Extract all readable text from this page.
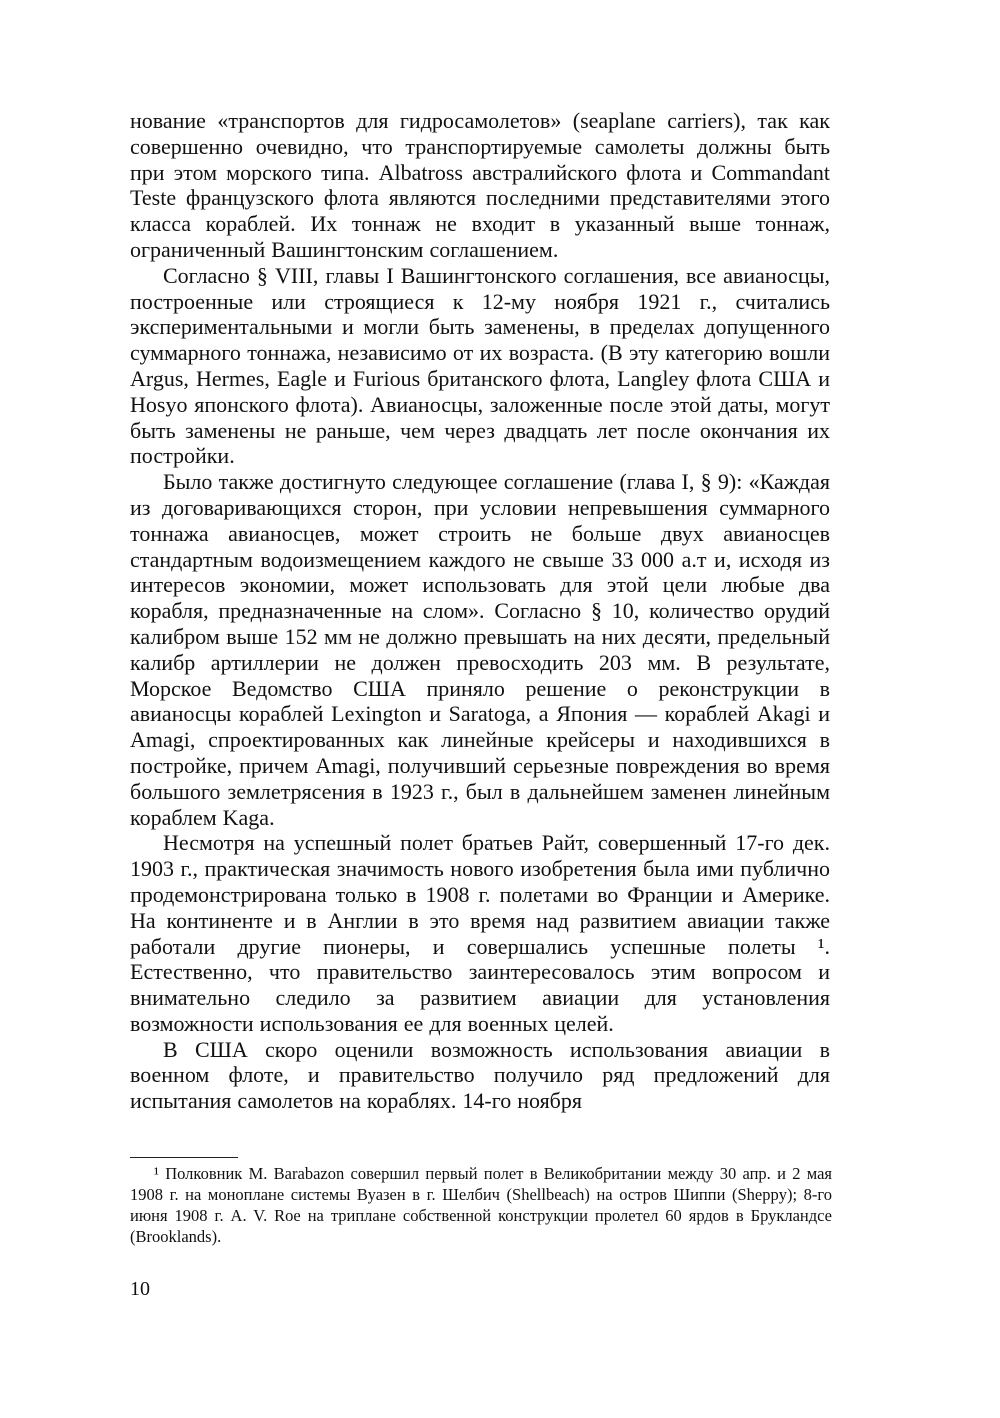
нование «транспортов для гидросамолетов» (seaplane carriers), так как совершенно очевидно, что транспортируемые самолеты должны быть при этом морского типа. Albatross австралийского флота и Commandant Teste французского флота являются последними представителями этого класса кораблей. Их тоннаж не входит в указанный выше тоннаж, ограниченный Вашингтонским соглашением.

Согласно § VIII, главы I Вашингтонского соглашения, все авианосцы, построенные или строящиеся к 12-му ноября 1921 г., считались экспериментальными и могли быть заменены, в пределах допущенного суммарного тоннажа, независимо от их возраста. (В эту категорию вошли Argus, Hermes, Eagle и Furious британского флота, Langley флота США и Hosyo японского флота). Авианосцы, заложенные после этой даты, могут быть заменены не раньше, чем через двадцать лет после окончания их постройки.

Было также достигнуто следующее соглашение (глава I, § 9): «Каждая из договаривающихся сторон, при условии непревышения суммарного тоннажа авианосцев, может строить не больше двух авианосцев стандартным водоизмещением каждого не свыше 33 000 а.т и, исходя из интересов экономии, может использовать для этой цели любые два корабля, предназначенные на слом». Согласно § 10, количество орудий калибром выше 152 мм не должно превышать на них десяти, предельный калибр артиллерии не должен превосходить 203 мм. В результате, Морское Ведомство США приняло решение о реконструкции в авианосцы кораблей Lexington и Saratoga, а Япония — кораблей Akagi и Amagi, спроектированных как линейные крейсеры и находившихся в постройке, причем Amagi, получивший серьезные повреждения во время большого землетрясения в 1923 г., был в дальнейшем заменен линейным кораблем Kaga.

Несмотря на успешный полет братьев Райт, совершенный 17-го дек. 1903 г., практическая значимость нового изобретения была ими публично продемонстрирована только в 1908 г. полетами во Франции и Америке. На континенте и в Англии в это время над развитием авиации также работали другие пионеры, и совершались успешные полеты ¹. Естественно, что правительство заинтересовалось этим вопросом и внимательно следило за развитием авиации для установления возможности использования ее для военных целей.

В США скоро оценили возможность использования авиации в военном флоте, и правительство получило ряд предложений для испытания самолетов на кораблях. 14-го ноября

¹ Полковник М. Barabazon совершил первый полет в Великобритании между 30 апр. и 2 мая 1908 г. на моноплане системы Вуазен в г. Шелбич (Shellbeach) на остров Шиппи (Sheppy); 8-го июня 1908 г. A. V. Roe на триплане собственной конструкции пролетел 60 ярдов в Брукландсе (Brooklands).

10
